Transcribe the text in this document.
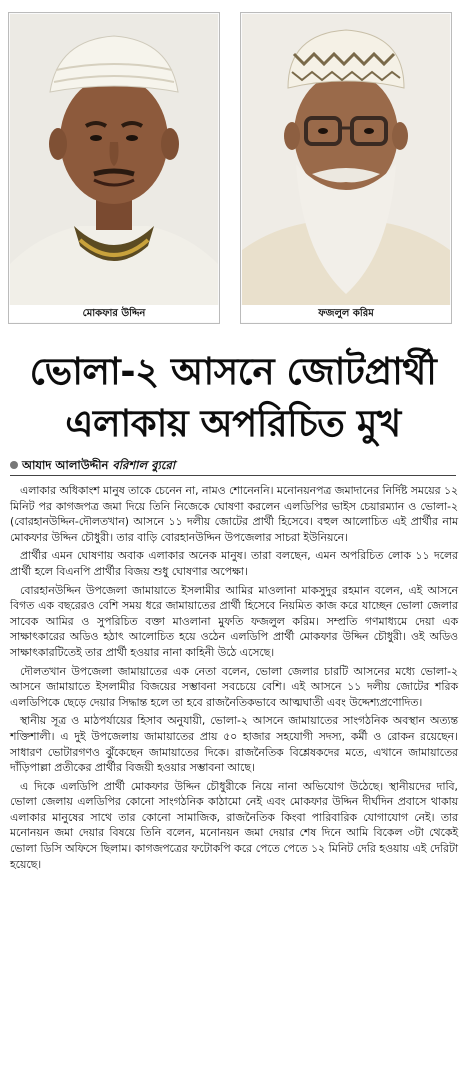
মোকফার উদ্দিন	ফজলুল করিম
ভোলা-২ আসনে জোটপ্রার্থী
এলাকায় অপরিচিত মুখ
আযাদ আলাউদ্দীন বরিশাল ব্যুরো

এলাকার অধিকাংশ মানুষ তাকে চেনেন না, নামও শোনেননি। মনোনয়নপত্র জমাদানের নির্দিষ্ট সময়ের ১২ মিনিট পর কাগজপত্র জমা দিয়ে তিনি নিজেকে ঘোষণা করলেন এলডিপির ভাইস চেয়ারম্যান ও ভোলা-২ (বোরহানউদ্দিন-দৌলতখান) আসনে ১১ দলীয় জোটের প্রার্থী হিসেবে। বহুল আলোচিত এই প্রার্থীর নাম মোকফার উদ্দিন চৌধুরী। তার বাড়ি বোরহানউদ্দিন উপজেলার সাচরা ইউনিয়নে।

প্রার্থীর এমন ঘোষণায় অবাক এলাকার অনেক মানুষ। তারা বলছেন, এমন অপরিচিত লোক ১১ দলের প্রার্থী হলে বিএনপি প্রার্থীর বিজয় শুধু ঘোষণার অপেক্ষা।

বোরহানউদ্দিন উপজেলা জামায়াতে ইসলামীর আমির মাওলানা মাকসুদুর রহমান বলেন, এই আসনে বিগত এক বছরেরও বেশি সময় ধরে জামায়াতের প্রার্থী হিসেবে নিয়মিত কাজ করে যাচ্ছেন ভোলা জেলার সাবেক আমির ও সুপরিচিত বক্তা মাওলানা মুফতি ফজলুল করিম। সম্প্রতি গণমাধ্যমে দেয়া এক সাক্ষাৎকারের অডিও হঠাৎ আলোচিত হয়ে ওঠেন এলডিপি প্রার্থী মোকফার উদ্দিন চৌধুরী। ওই অডিও সাক্ষাৎকারটিতেই তার প্রার্থী হওয়ার নানা কাহিনী উঠে এসেছে।

দৌলতখান উপজেলা জামায়াতের এক নেতা বলেন, ভোলা জেলার চারটি আসনের মধ্যে ভোলা-২ আসনে জামায়াতে ইসলামীর বিজয়ের সম্ভাবনা সবচেয়ে বেশি। এই আসনে ১১ দলীয় জোটের শরিক এলডিপিকে ছেড়ে দেয়ার সিদ্ধান্ত হলে তা হবে রাজনৈতিকভাবে আত্মঘাতী এবং উদ্দেশ্যপ্রণোদিত।

স্থানীয় সূত্র ও মাঠপর্যায়ের হিসাব অনুযায়ী, ভোলা-২ আসনে জামায়াতের সাংগঠনিক অবস্থান অত্যন্ত শক্তিশালী। এ দুই উপজেলায় জামায়াতের প্রায় ৫০ হাজার সহযোগী সদস্য, কর্মী ও রোকন রয়েছেন। সাধারণ ভোটারগণও ঝুঁকেছেন জামায়াতের দিকে। রাজনৈতিক বিশ্লেষকদের মতে, এখানে জামায়াতের দাঁড়িপাল্লা প্রতীকের প্রার্থীর বিজয়ী হওয়ার সম্ভাবনা আছে।

এ দিকে এলডিপি প্রার্থী মোকফার উদ্দিন চৌধুরীকে নিয়ে নানা অভিযোগ উঠেছে। স্থানীয়দের দাবি, ভোলা জেলায় এলডিপির কোনো সাংগঠনিক কাঠামো নেই এবং মোকফার উদ্দিন দীর্ঘদিন প্রবাসে থাকায় এলাকার মানুষের সাথে তার কোনো সামাজিক, রাজনৈতিক কিংবা পারিবারিক যোগাযোগ নেই। তার মনোনয়ন জমা দেয়ার বিষয়ে তিনি বলেন, মনোনয়ন জমা দেয়ার শেষ দিনে আমি বিকেল ৩টা থেকেই ভোলা ডিসি অফিসে ছিলাম। কাগজপত্রের ফটোকপি করে পেতে পেতে ১২ মিনিট দেরি হওয়ায় এই দেরিটা হয়েছে।
